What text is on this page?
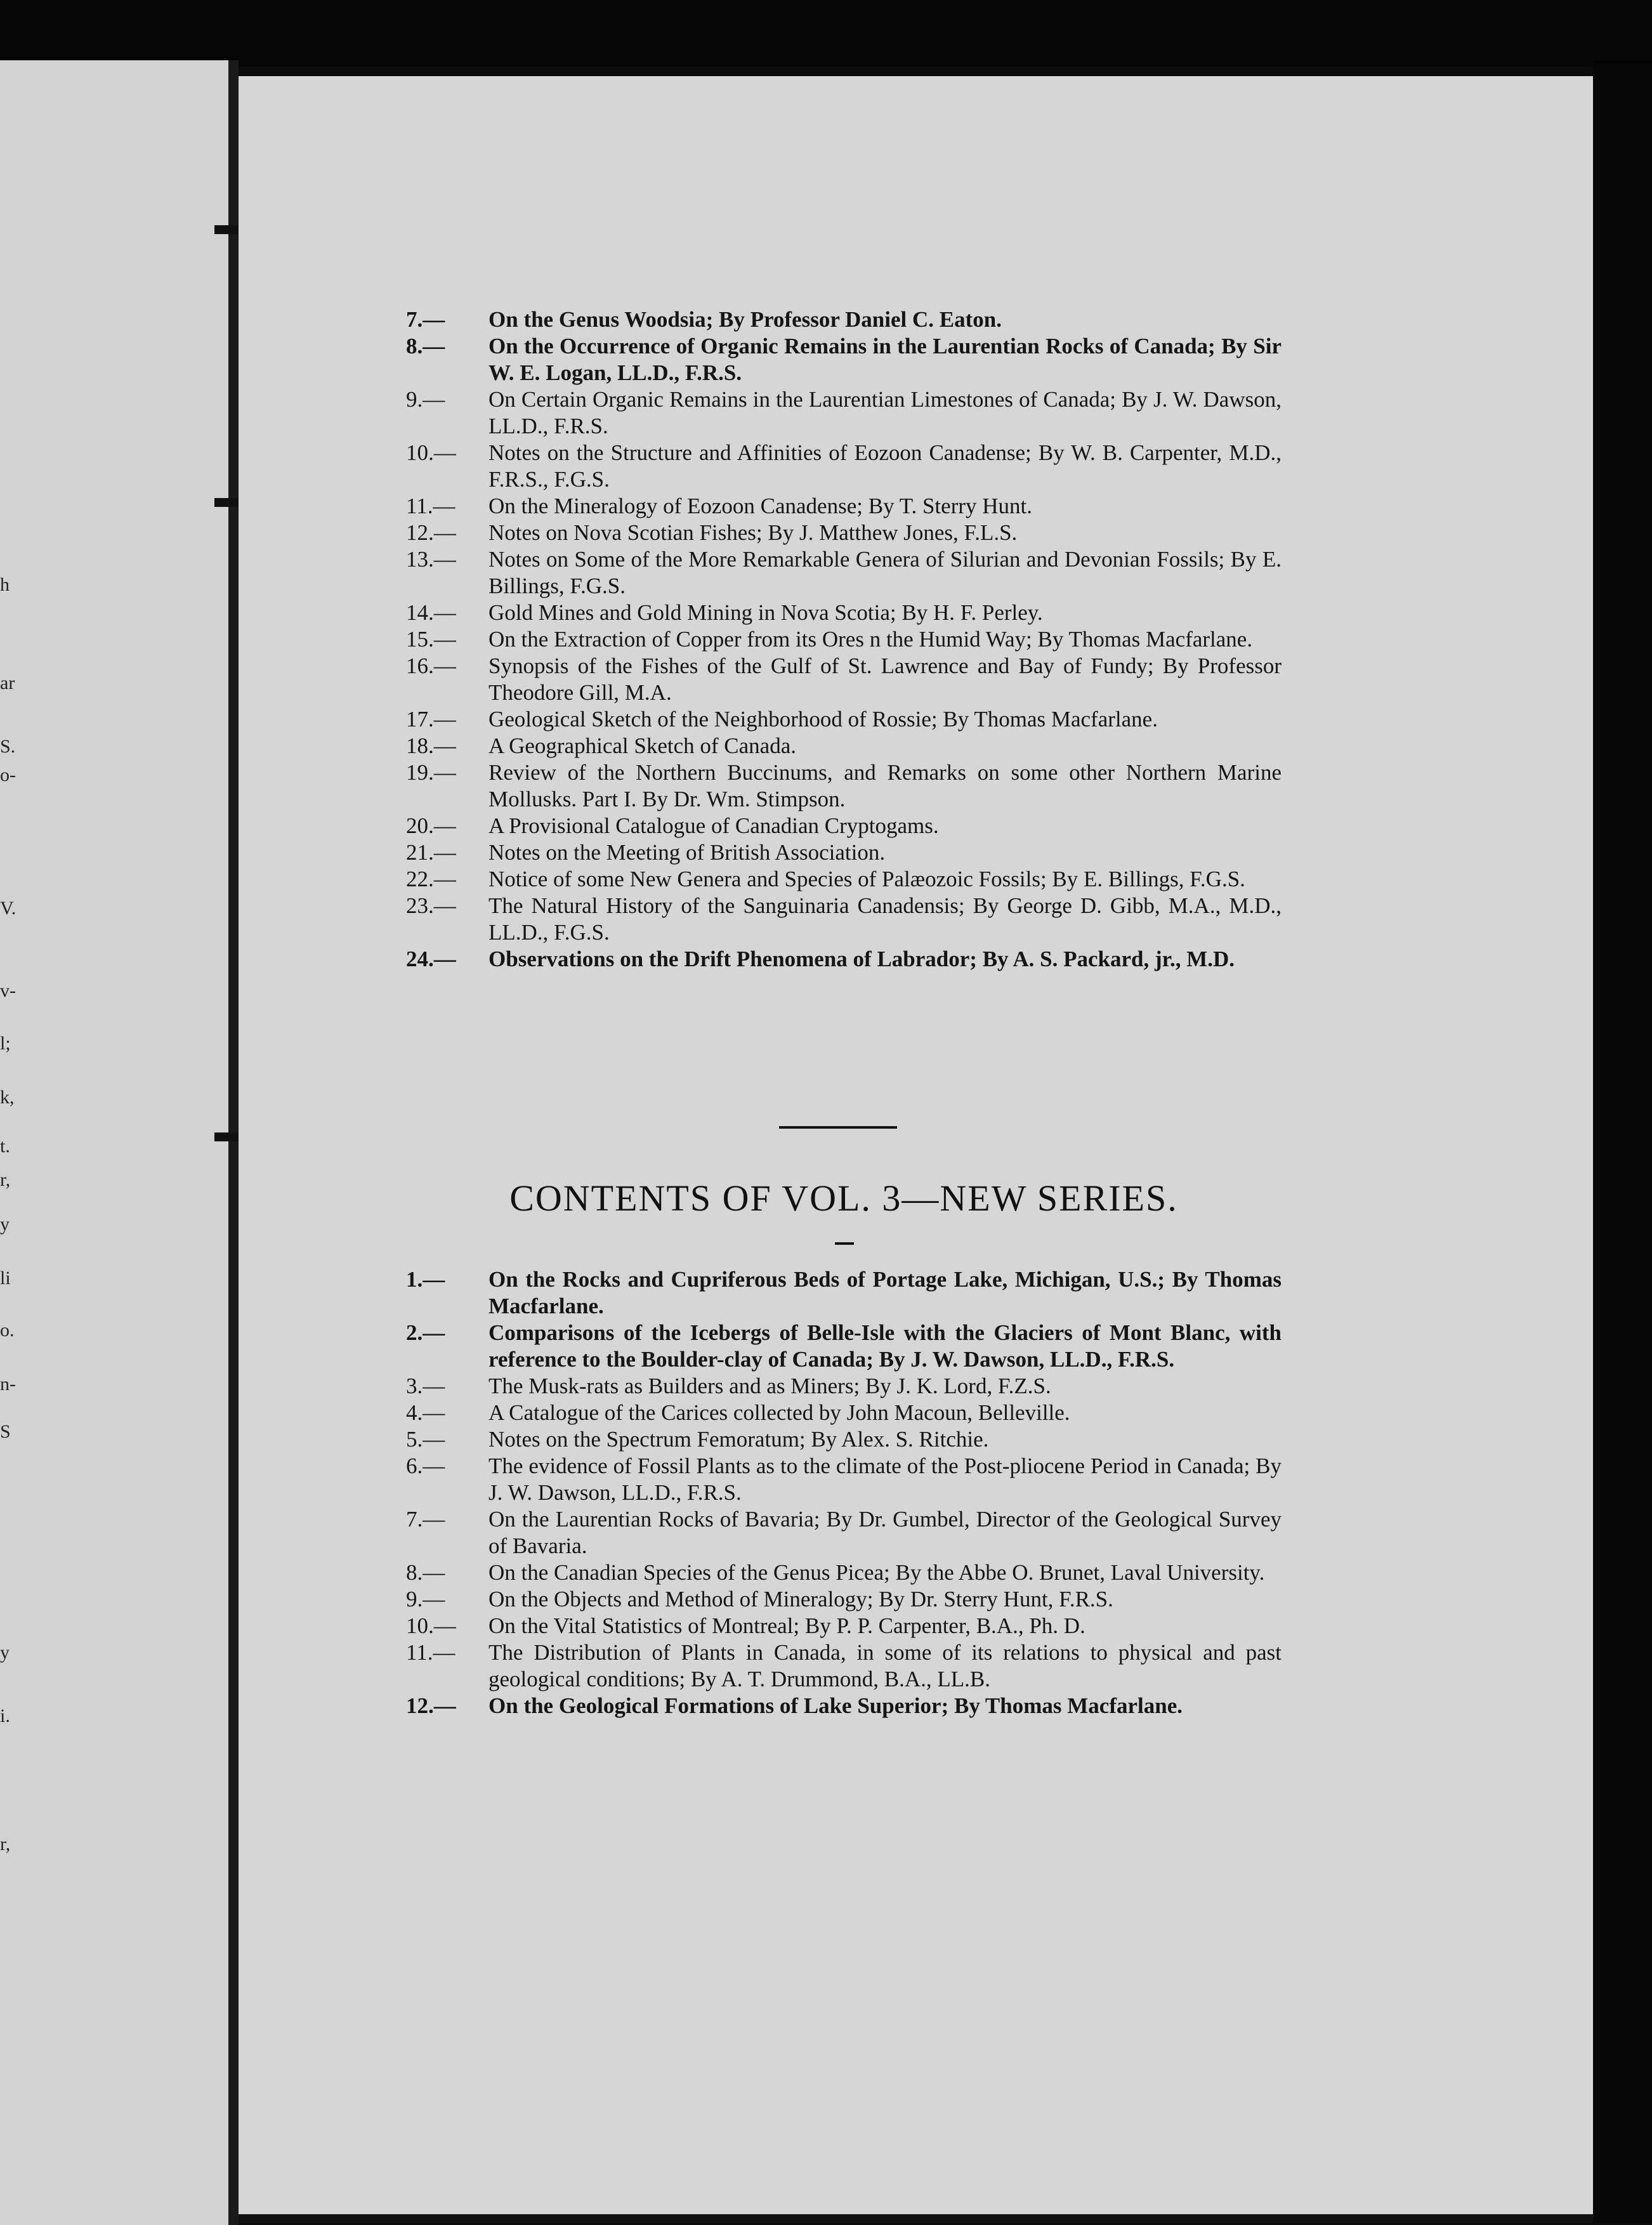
h
ar
S.
o-
V.
v-
l;
k,
t.
r,
y
li
o.
n-
S
y
i.
r,
7.—	On the Genus Woodsia; By Professor Daniel C. Eaton.
8.—	On the Occurrence of Organic Remains in the Laurentian Rocks of Canada; By Sir W. E. Logan, LL.D., F.R.S.
9.—	On Certain Organic Remains in the Laurentian Limestones of Canada; By J. W. Dawson, LL.D., F.R.S.
10.—	Notes on the Structure and Affinities of Eozoon Canadense; By W. B. Carpenter, M.D., F.R.S., F.G.S.
11.—	On the Mineralogy of Eozoon Canadense; By T. Sterry Hunt.
12.—	Notes on Nova Scotian Fishes; By J. Matthew Jones, F.L.S.
13.—	Notes on Some of the More Remarkable Genera of Silurian and Devonian Fossils; By E. Billings, F.G.S.
14.—	Gold Mines and Gold Mining in Nova Scotia; By H. F. Perley.
15.—	On the Extraction of Copper from its Ores n the Humid Way; By Thomas Macfarlane.
16.—	Synopsis of the Fishes of the Gulf of St. Lawrence and Bay of Fundy; By Professor Theodore Gill, M.A.
17.—	Geological Sketch of the Neighborhood of Rossie; By Thomas Macfarlane.
18.—	A Geographical Sketch of Canada.
19.—	Review of the Northern Buccinums, and Remarks on some other Northern Marine Mollusks. Part I. By Dr. Wm. Stimpson.
20.—	A Provisional Catalogue of Canadian Cryptogams.
21.—	Notes on the Meeting of British Association.
22.—	Notice of some New Genera and Species of Palæozoic Fossils; By E. Billings, F.G.S.
23.—	The Natural History of the Sanguinaria Canadensis; By George D. Gibb, M.A., M.D., LL.D., F.G.S.
24.—	Observations on the Drift Phenomena of Labrador; By A. S. Packard, jr., M.D.
CONTENTS OF VOL. 3—NEW SERIES.
1.—	On the Rocks and Cupriferous Beds of Portage Lake, Michigan, U.S.; By Thomas Macfarlane.
2.—	Comparisons of the Icebergs of Belle-Isle with the Glaciers of Mont Blanc, with reference to the Boulder-clay of Canada; By J. W. Dawson, LL.D., F.R.S.
3.—	The Musk-rats as Builders and as Miners; By J. K. Lord, F.Z.S.
4.—	A Catalogue of the Carices collected by John Macoun, Belleville.
5.—	Notes on the Spectrum Femoratum; By Alex. S. Ritchie.
6.—	The evidence of Fossil Plants as to the climate of the Post-pliocene Period in Canada; By J. W. Dawson, LL.D., F.R.S.
7.—	On the Laurentian Rocks of Bavaria; By Dr. Gumbel, Director of the Geological Survey of Bavaria.
8.—	On the Canadian Species of the Genus Picea; By the Abbe O. Brunet, Laval University.
9.—	On the Objects and Method of Mineralogy; By Dr. Sterry Hunt, F.R.S.
10.—	On the Vital Statistics of Montreal; By P. P. Carpenter, B.A., Ph. D.
11.—	The Distribution of Plants in Canada, in some of its relations to physical and past geological conditions; By A. T. Drummond, B.A., LL.B.
12.—	On the Geological Formations of Lake Superior; By Thomas Macfarlane.
